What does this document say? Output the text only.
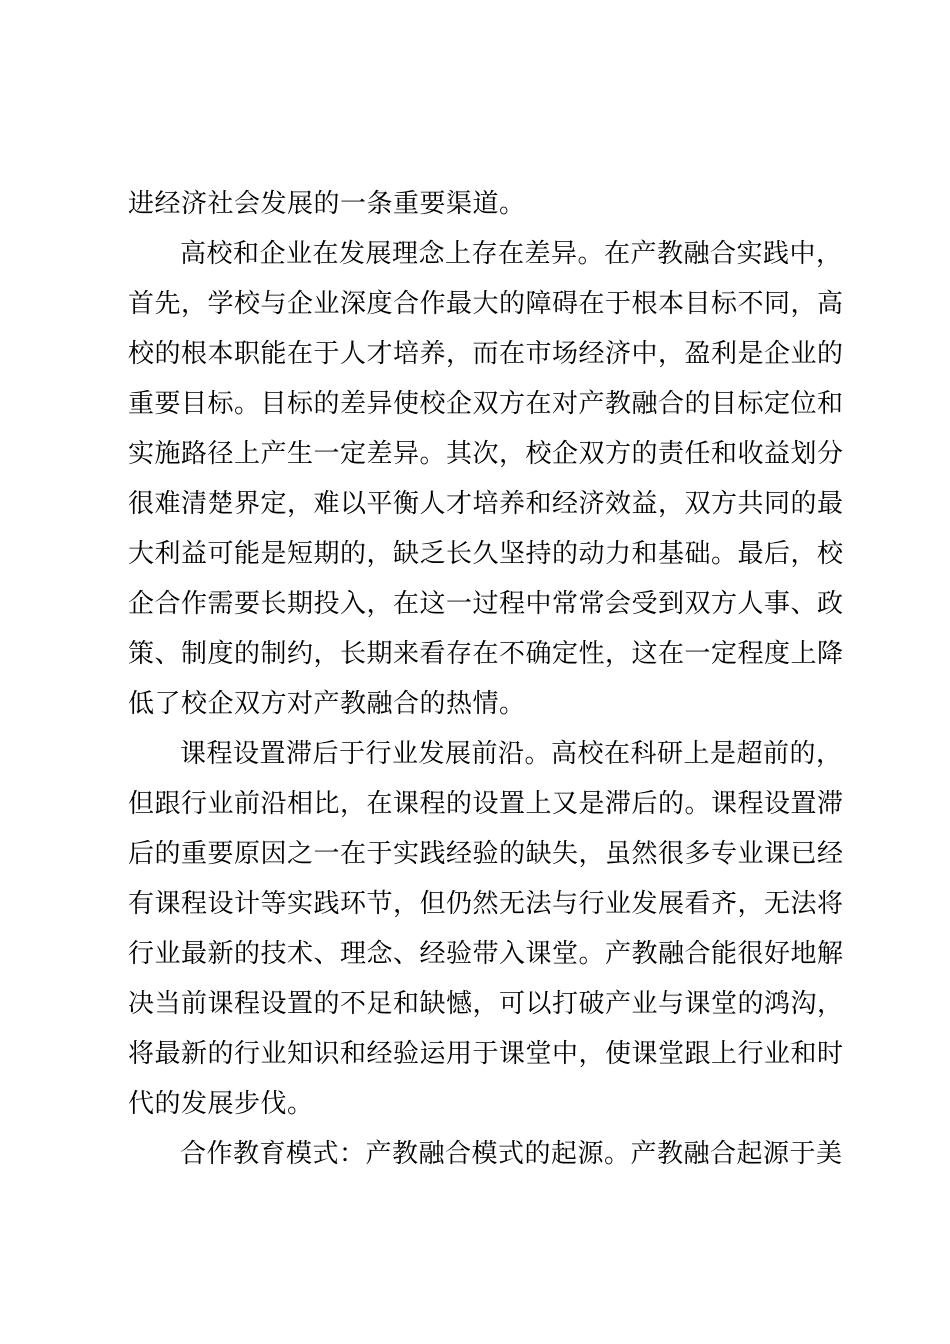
进经济社会发展的一条重要渠道。
高校和企业在发展理念上存在差异。在产教融合实践中，
首先，学校与企业深度合作最大的障碍在于根本目标不同，高
校的根本职能在于人才培养，而在市场经济中，盈利是企业的
重要目标。目标的差异使校企双方在对产教融合的目标定位和
实施路径上产生一定差异。其次，校企双方的责任和收益划分
很难清楚界定，难以平衡人才培养和经济效益，双方共同的最
大利益可能是短期的，缺乏长久坚持的动力和基础。最后，校
企合作需要长期投入，在这一过程中常常会受到双方人事、政
策、制度的制约，长期来看存在不确定性，这在一定程度上降
低了校企双方对产教融合的热情。
课程设置滞后于行业发展前沿。高校在科研上是超前的，
但跟行业前沿相比，在课程的设置上又是滞后的。课程设置滞
后的重要原因之一在于实践经验的缺失，虽然很多专业课已经
有课程设计等实践环节，但仍然无法与行业发展看齐，无法将
行业最新的技术、理念、经验带入课堂。产教融合能很好地解
决当前课程设置的不足和缺憾，可以打破产业与课堂的鸿沟，
将最新的行业知识和经验运用于课堂中，使课堂跟上行业和时
代的发展步伐。
合作教育模式：产教融合模式的起源。产教融合起源于美
